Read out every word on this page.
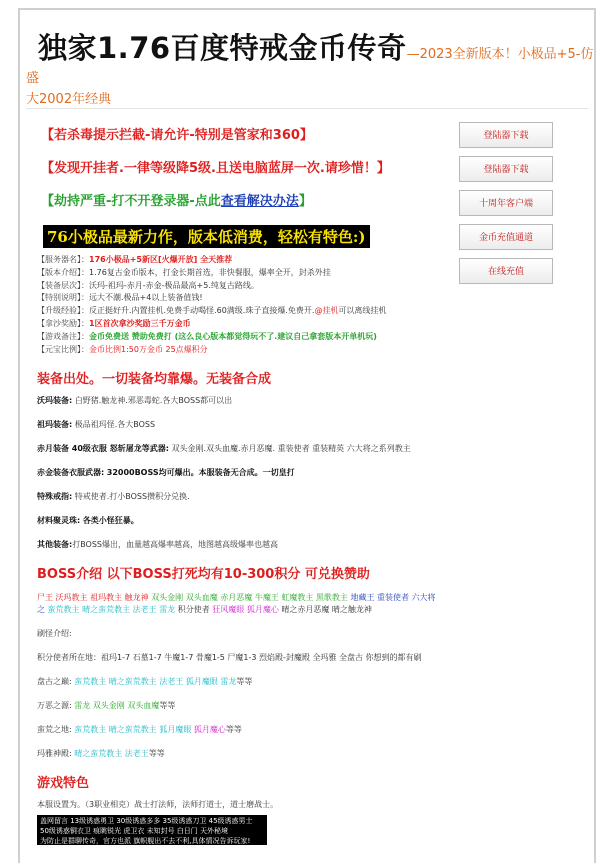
独家1.76百度特戒金币传奇—2023全新版本！小极品+5-仿盛
大2002年经典
【若杀毒提示拦截-请允许-特别是管家和360】
【发现开挂者.一律等级降5级.且送电脑蓝屏一次.请珍惜！】
【劫持严重-打不开登录器-点此查看解决办法】
76小极品最新力作，版本低消费，轻松有特色:)
【服务器名】：176小极品+5新区[火爆开放] 全天推荐
【版本介绍】：1.76复古金币版本，打金长期首选，非快餐服，爆率全开，封杀外挂
【装备层次】：沃玛-祖玛-赤月-赤金-极品最高+5.纯复古路线。
【特别说明】：远大不潮.极品+4以上装备值钱!
【升级经验】：反正挺好升.内置挂机.免费手动喝怪.60满级.珠子直接爆.免费开.@挂机可以离线挂机
【拿沙奖励】：1区首次拿沙奖励三千万金币
【游戏备注】：金币免费送 赞助免费打 (这么良心版本都觉得玩不了.建议自己拿套版本开单机玩)
【元宝比例】：金币比例1:50万金币 25点爆积分
装备出处。一切装备均靠爆。无装备合成
沃玛装备: 白野猪.触龙神.邪恶毒蛇.各大BOSS都可以出
祖玛装备: 极品祖玛怪.各大BOSS
赤月装备 40级衣服 怒斩屠龙等武器: 双头金刚.双头血魔.赤月恶魔. 重装使者 重装精英 六大将之系列教主
赤金装备衣服武器: 32000BOSS均可爆出。本服装备无合成。一切皇打
特殊戒指: 特戒使者.打小BOSS攒积分兑换.
材料聚灵珠: 各类小怪狂暴。
其他装备:打BOSS爆出，血量越高爆率越高，地图越高级爆率也越高
BOSS介绍 以下BOSS打死均有10-300积分 可兑换赞助
尸王 沃玛教主 祖玛教主 触龙神 双头金刚 双头血魔 赤月恶魔 牛魔王 虹魔教主 黑歌教主 地藏王 重装使者 六大将之 蛮荒教主 晴之蛮荒教主 法老王 雷龙 积分使者 狂风魔眼 狐月魔心 晴之赤月恶魔 晴之触龙神
刷怪介绍:
积分使者所在地：祖玛1-7 石墓1-7 牛魔1-7 骨魔1-5 尸魔1-3 烈焰殿-封魔殿 全玛雅 全盘古 你想到的都有刷
盘古之巅: 蛮荒教主 晴之蛮荒教主 法老王 狐月魔眼 雷龙等等
万恶之源: 雷龙 双头金刚 双头血魔等等
蛮荒之地: 蛮荒教主 晴之蛮荒教主 狐月魔眼 狐月魔心等等
玛雅神殿: 晴之蛮荒教主 法老王等等
游戏特色
本服设置为。（3职业相克）战士打法师，法师打道士，道士磨战士。
盖网留言 13级诱惑勇卫 30级诱惑多多 35级诱惑刀卫 45级诱惑男士
50级诱惑铜衣卫 痕眺锐光 虎卫衣 未知封号 白日门 天外秘境
为防止是群聊传奇，官方也派 旗帜舰出不去不利,具体情况告诉玩家!
登陆器下载
登陆器下载
十周年客户端
金币充值通道
在线充值
